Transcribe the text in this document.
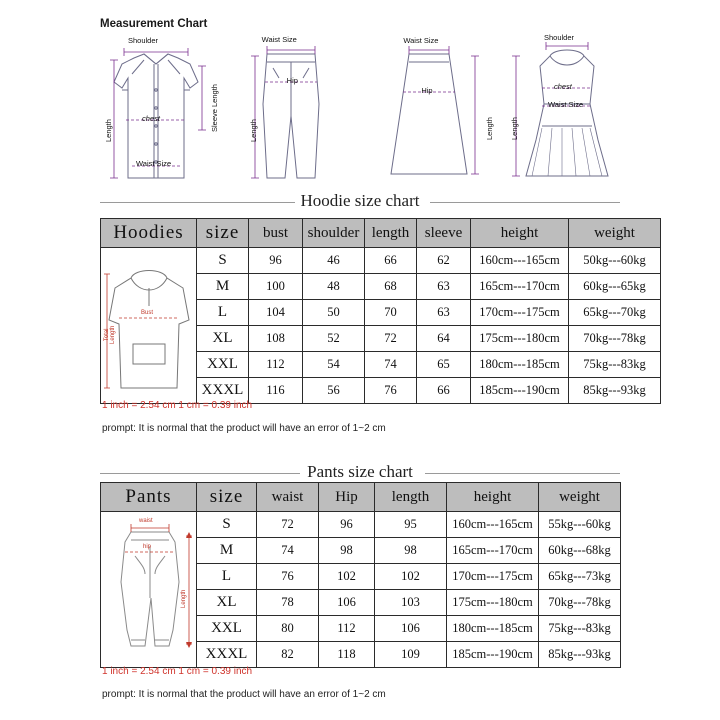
Measurement Chart
Shoulder
chest
Waist Size
Sleeve Length
Length
Waist Size
Hip
Length
Waist Size
Hip
Length
Shoulder
chest
Waist Size
Length
Hoodie size chart
Hoodies	size	bust	shoulder	length	sleeve	height	weight

Total
Length
Bust	S	96	46	66	62	160cm---165cm	50kg---60kg
	M	100	48	68	63	165cm---170cm	60kg---65kg
	L	104	50	70	63	170cm---175cm	65kg---70kg
	XL	108	52	72	64	175cm---180cm	70kg---78kg
	XXL	112	54	74	65	180cm---185cm	75kg---83kg
	XXXL	116	56	76	66	185cm---190cm	85kg---93kg
1 inch = 2.54 cm 1 cm = 0.39 inch
prompt: It is normal that the product will have an error of 1~2 cm
Pants size chart
Pants	size	waist	Hip	length	height	weight

waist
hip
Length	S	72	96	95	160cm---165cm	55kg---60kg
	M	74	98	98	165cm---170cm	60kg---68kg
	L	76	102	102	170cm---175cm	65kg---73kg
	XL	78	106	103	175cm---180cm	70kg---78kg
	XXL	80	112	106	180cm---185cm	75kg---83kg
	XXXL	82	118	109	185cm---190cm	85kg---93kg
1 inch = 2.54 cm 1 cm = 0.39 inch
prompt: It is normal that the product will have an error of 1~2 cm
